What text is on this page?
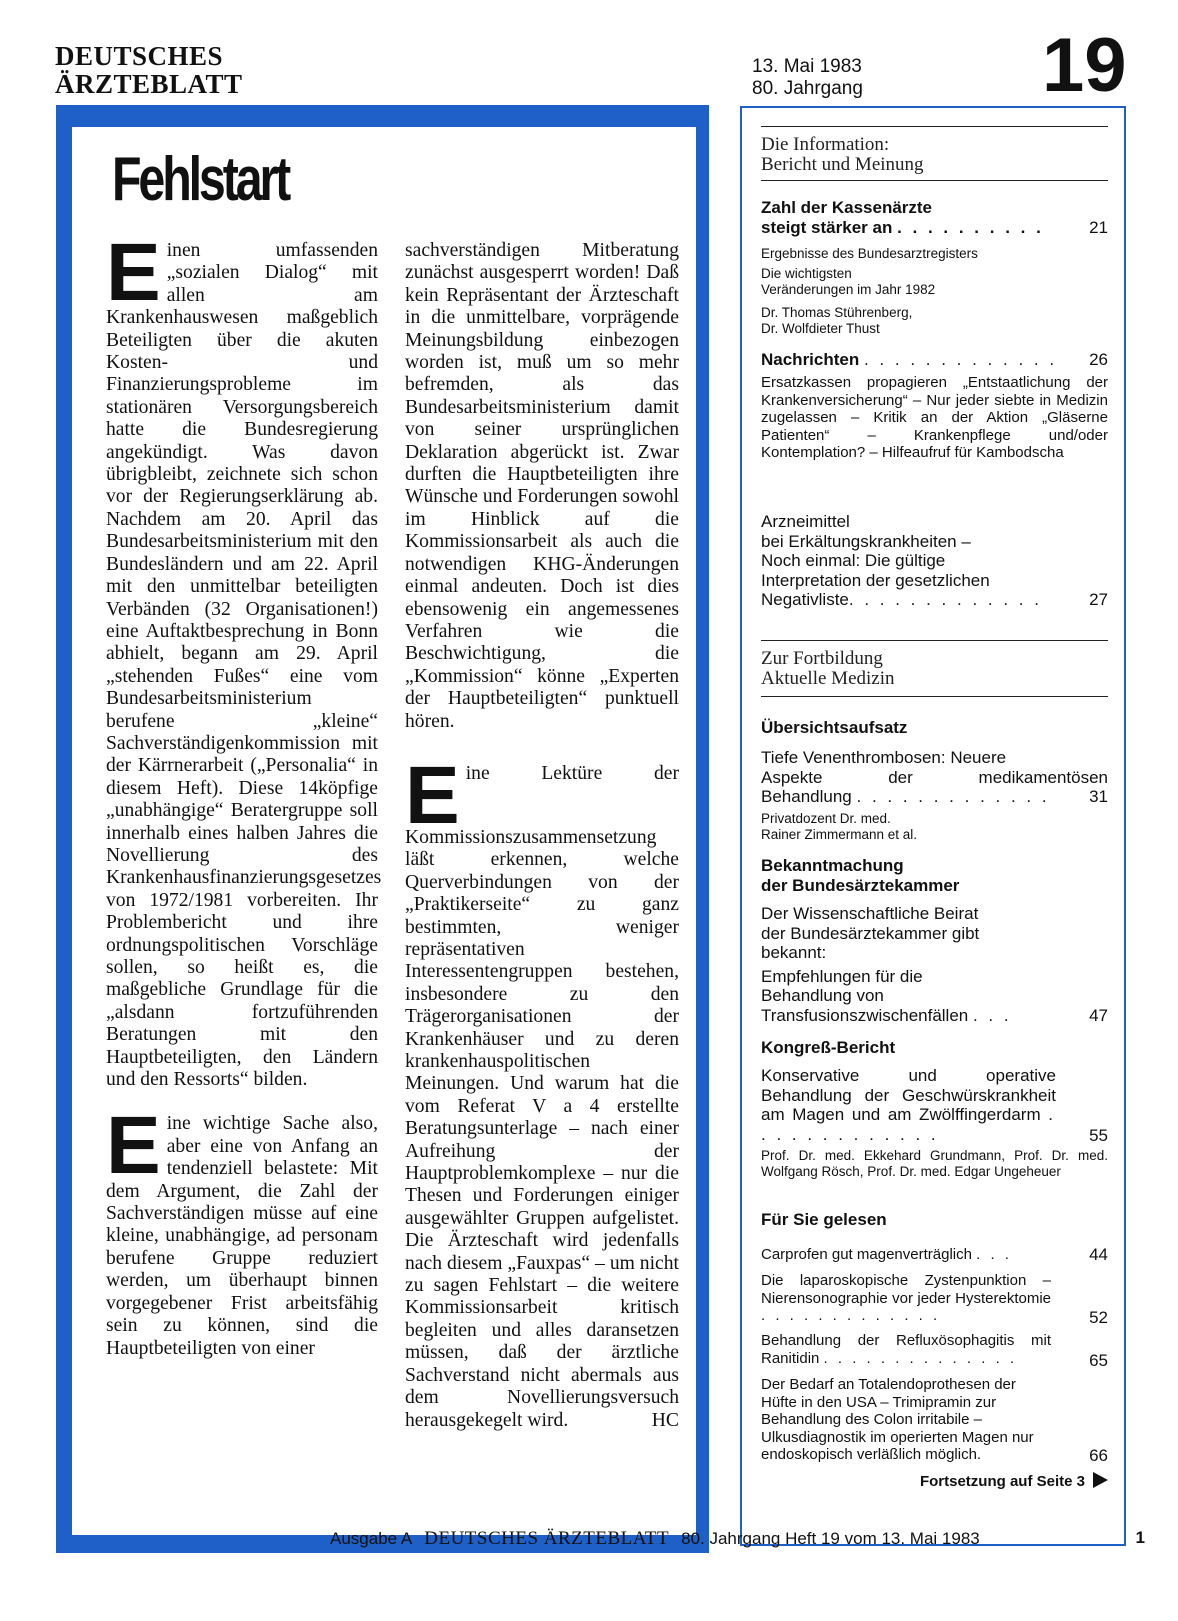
DEUTSCHES
ÄRZTEBLATT
13. Mai 1983
80. Jahrgang 19
Fehlstart

Einen umfassenden „sozialen Dialog“ mit allen am Krankenhauswesen maßgeblich Beteiligten über die akuten Kosten- und Finanzierungsprobleme im stationären Versorgungsbereich hatte die Bundesregierung angekündigt. Was davon übrigbleibt, zeichnete sich schon vor der Regierungserklärung ab. Nachdem am 20. April das Bundesarbeitsministerium mit den Bundesländern und am 22. April mit den unmittelbar beteiligten Verbänden (32 Organisationen!) eine Auftaktbesprechung in Bonn abhielt, begann am 29. April „stehenden Fußes“ eine vom Bundesarbeitsministerium berufene „kleine“ Sachverständigenkommission mit der Kärrnerarbeit („Personalia“ in diesem Heft). Diese 14köpfige „unabhängige“ Beratergruppe soll innerhalb eines halben Jahres die Novellierung des Krankenhausfinanzierungsgesetzes von 1972/1981 vorbereiten. Ihr Problembericht und ihre ordnungspolitischen Vorschläge sollen, so heißt es, die maßgebliche Grundlage für die „alsdann fortzuführenden Beratungen mit den Hauptbeteiligten, den Ländern und den Ressorts“ bilden.

Eine wichtige Sache also, aber eine von Anfang an tendenziell belastete: Mit dem Argument, die Zahl der Sachverständigen müsse auf eine kleine, unabhängige, ad personam berufene Gruppe reduziert werden, um überhaupt binnen vorgegebener Frist arbeitsfähig sein zu können, sind die Hauptbeteiligten von einer

sachverständigen Mitberatung zunächst ausgesperrt worden! Daß kein Repräsentant der Ärzteschaft in die unmittelbare, vorprägende Meinungsbildung einbezogen worden ist, muß um so mehr befremden, als das Bundesarbeitsministerium damit von seiner ursprünglichen Deklaration abgerückt ist. Zwar durften die Hauptbeteiligten ihre Wünsche und Forderungen sowohl im Hinblick auf die Kommissionsarbeit als auch die notwendigen KHG-Änderungen einmal andeuten. Doch ist dies ebensowenig ein angemessenes Verfahren wie die Beschwichtigung, die „Kommission“ könne „Experten der Hauptbeteiligten“ punktuell hören.

Eine Lektüre der Kommissionszusammensetzung läßt erkennen, welche Querverbindungen von der „Praktikerseite“ zu ganz bestimmten, weniger repräsentativen Interessentengruppen bestehen, insbesondere zu den Trägerorganisationen der Krankenhäuser und zu deren krankenhauspolitischen Meinungen. Und warum hat die vom Referat V a 4 erstellte Beratungsunterlage – nach einer Aufreihung der Hauptproblemkomplexe – nur die Thesen und Forderungen einiger ausgewählter Gruppen aufgelistet. Die Ärzteschaft wird jedenfalls nach diesem „Fauxpas“ – um nicht zu sagen Fehlstart – die weitere Kommissionsarbeit kritisch begleiten und alles daransetzen müssen, daß der ärztliche Sachverstand nicht abermals aus dem Novellierungsversuch herausgekegelt wird.	HC

Die Information:
Bericht und Meinung
Zahl der Kassenärzte
steigt stärker an . . . . . . . . . .	21
Ergebnisse des Bundesarztregisters
Die wichtigsten
Veränderungen im Jahr 1982
Dr. Thomas Stührenberg,
Dr. Wolfdieter Thust
Nachrichten . . . . . . . . . . . . . 26
Ersatzkassen propagieren „Entstaatlichung der Krankenversicherung“ – Nur jeder siebte in Medizin zugelassen – Kritik an der Aktion „Gläserne Patienten“ – Krankenpflege und/oder Kontemplation? – Hilfeaufruf für Kambodscha
Arzneimittel
bei Erkältungskrankheiten –
Noch einmal: Die gültige
Interpretation der gesetzlichen
Negativliste. . . . . . . . . . . . .	27
Zur Fortbildung
Aktuelle Medizin
Übersichtsaufsatz
Tiefe Venenthrombosen: Neuere
Aspekte der medikamentösen
Behandlung . . . . . . . . . . . . . 31
Privatdozent Dr. med.
Rainer Zimmermann et al.
Bekanntmachung
der Bundesärztekammer
Der Wissenschaftliche Beirat
der Bundesärztekammer gibt
bekannt:
Empfehlungen für die
Behandlung von
Transfusionszwischenfällen . . .	47
Kongreß-Bericht
Konservative und operative Behandlung der Geschwürskrankheit am Magen und am Zwölffingerdarm . . . . . . . . . . . . .	55
Prof. Dr. med. Ekkehard Grundmann, Prof. Dr. med. Wolfgang Rösch, Prof. Dr. med. Edgar Ungeheuer
Für Sie gelesen
Carprofen gut magenverträglich . . .	44
Die laparoskopische Zystenpunktion – Nierensonographie vor jeder Hysterektomie . . . . . . . . . . . . .	52
Behandlung der Refluxösophagitis mit Ranitidin . . . . . . . . . . . . . .	65
Der Bedarf an Totalendoprothesen der Hüfte in den USA – Trimipramin zur Behandlung des Colon irritabile – Ulkusdiagnostik im operierten Magen nur endoskopisch verläßlich möglich.	66
Fortsetzung auf Seite 3
Ausgabe A DEUTSCHES ÄRZTEBLATT 80. Jahrgang Heft 19 vom 13. Mai 1983	1
